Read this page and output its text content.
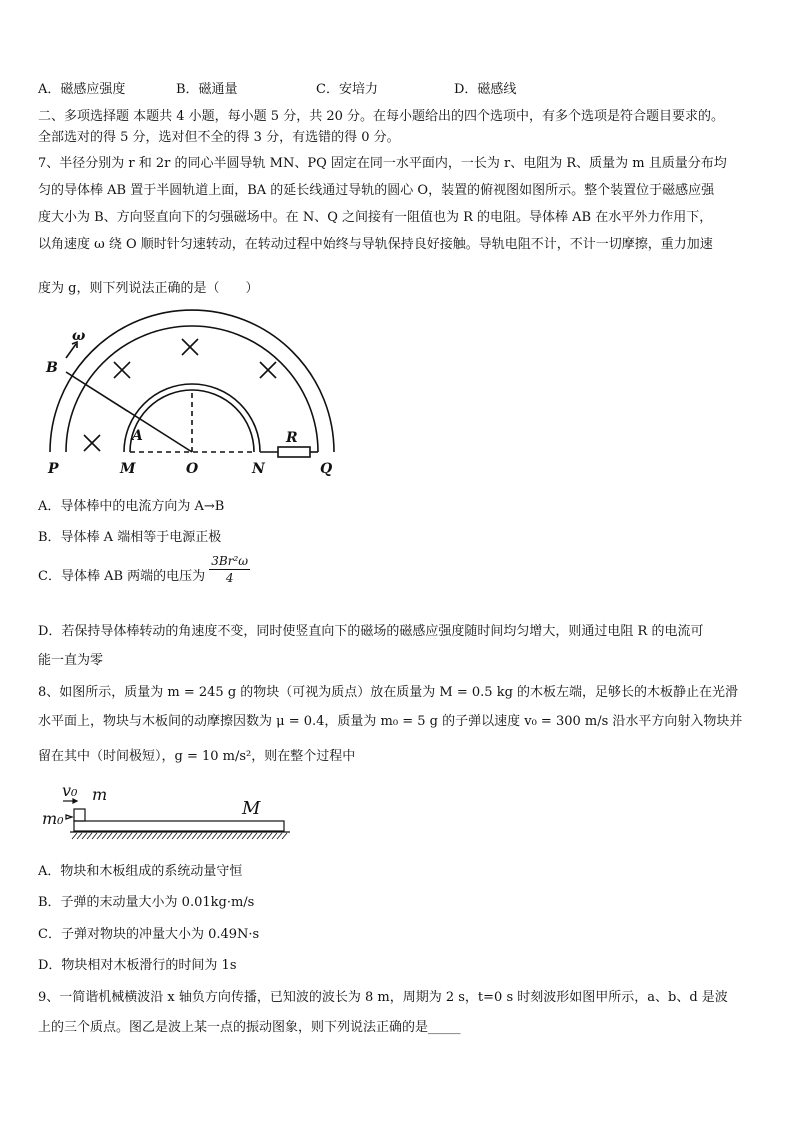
A．磁感应强度	B．磁通量	C．安培力	D．磁感线
二、多项选择题 本题共 4 小题，每小题 5 分，共 20 分。在每小题给出的四个选项中，有多个选项是符合题目要求的。
全部选对的得 5 分，选对但不全的得 3 分，有选错的得 0 分。
7、半径分别为 r 和 2r 的同心半圆导轨 MN、PQ 固定在同一水平面内，一长为 r、电阻为 R、质量为 m 且质量分布均
匀的导体棒 AB 置于半圆轨道上面，BA 的延长线通过导轨的圆心 O，装置的俯视图如图所示。整个装置位于磁感应强
度大小为 B、方向竖直向下的匀强磁场中。在 N、Q 之间接有一阻值也为 R 的电阻。导体棒 AB 在水平外力作用下，
以角速度 ω 绕 O 顺时针匀速转动，在转动过程中始终与导轨保持良好接触。导轨电阻不计，不计一切摩擦，重力加速
度为 g，则下列说法正确的是（　　）
ω
B
A	R
P	M	O	N	Q
A．导体棒中的电流方向为 A→B
B．导体棒 A 端相等于电源正极
C．导体棒 AB 两端的电压为 $\frac{\text{3Br²ω}}{4}$
D．若保持导体棒转动的角速度不变，同时使竖直向下的磁场的磁感应强度随时间均匀增大，则通过电阻 R 的电流可
能一直为零
8、如图所示，质量为 m = 245 g 的物块（可视为质点）放在质量为 M = 0.5 kg 的木板左端，足够长的木板静止在光滑
水平面上，物块与木板间的动摩擦因数为 μ = 0.4，质量为 m₀ = 5 g 的子弹以速度 v₀ = 300 m/s 沿水平方向射入物块并
留在其中（时间极短），g = 10 m/s²，则在整个过程中
v₀ m
m₀	M
A．物块和木板组成的系统动量守恒
B．子弹的末动量大小为 0.01kg·m/s
C．子弹对物块的冲量大小为 0.49N·s
D．物块相对木板滑行的时间为 1s
9、一简谐机械横波沿 x 轴负方向传播，已知波的波长为 8 m，周期为 2 s，t=0 s 时刻波形如图甲所示，a、b、d 是波
上的三个质点。图乙是波上某一点的振动图象，则下列说法正确的是_____
